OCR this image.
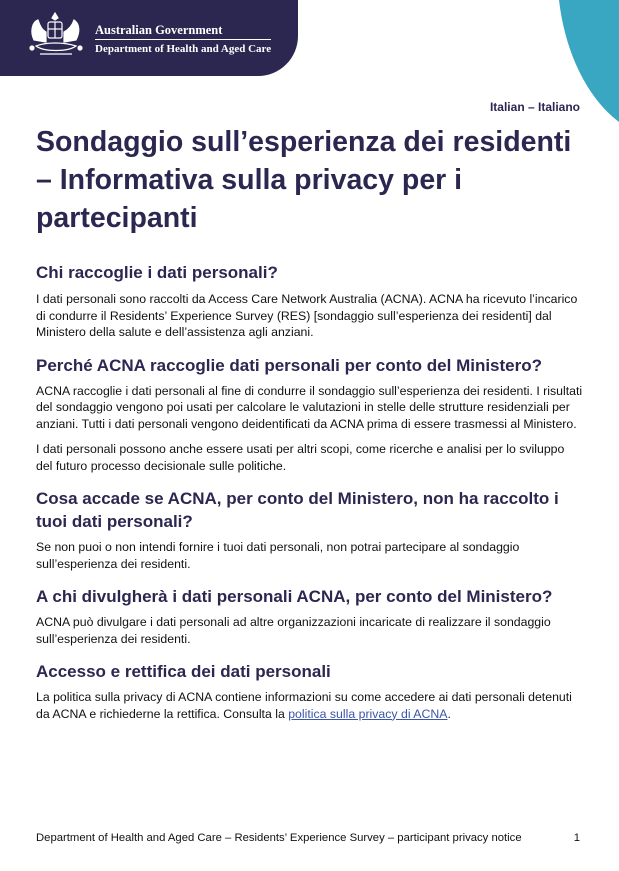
Australian Government
Department of Health and Aged Care
Italian – Italiano
Sondaggio sull’esperienza dei residenti – Informativa sulla privacy per i partecipanti
Chi raccoglie i dati personali?

I dati personali sono raccolti da Access Care Network Australia (ACNA). ACNA ha ricevuto l’incarico di condurre il Residents’ Experience Survey (RES) [sondaggio sull’esperienza dei residenti] dal Ministero della salute e dell’assistenza agli anziani.

Perché ACNA raccoglie dati personali per conto del Ministero?

ACNA raccoglie i dati personali al fine di condurre il sondaggio sull’esperienza dei residenti. I risultati del sondaggio vengono poi usati per calcolare le valutazioni in stelle delle strutture residenziali per anziani. Tutti i dati personali vengono deidentificati da ACNA prima di essere trasmessi al Ministero.

I dati personali possono anche essere usati per altri scopi, come ricerche e analisi per lo sviluppo del futuro processo decisionale sulle politiche.

Cosa accade se ACNA, per conto del Ministero, non ha raccolto i tuoi dati personali?

Se non puoi o non intendi fornire i tuoi dati personali, non potrai partecipare al sondaggio sull’esperienza dei residenti.

A chi divulgherà i dati personali ACNA, per conto del Ministero?

ACNA può divulgare i dati personali ad altre organizzazioni incaricate di realizzare il sondaggio sull’esperienza dei residenti.

Accesso e rettifica dei dati personali

La politica sulla privacy di ACNA contiene informazioni su come accedere ai dati personali detenuti da ACNA e richiederne la rettifica. Consulta la politica sulla privacy di ACNA.

Department of Health and Aged Care – Residents’ Experience Survey – participant privacy notice	1
